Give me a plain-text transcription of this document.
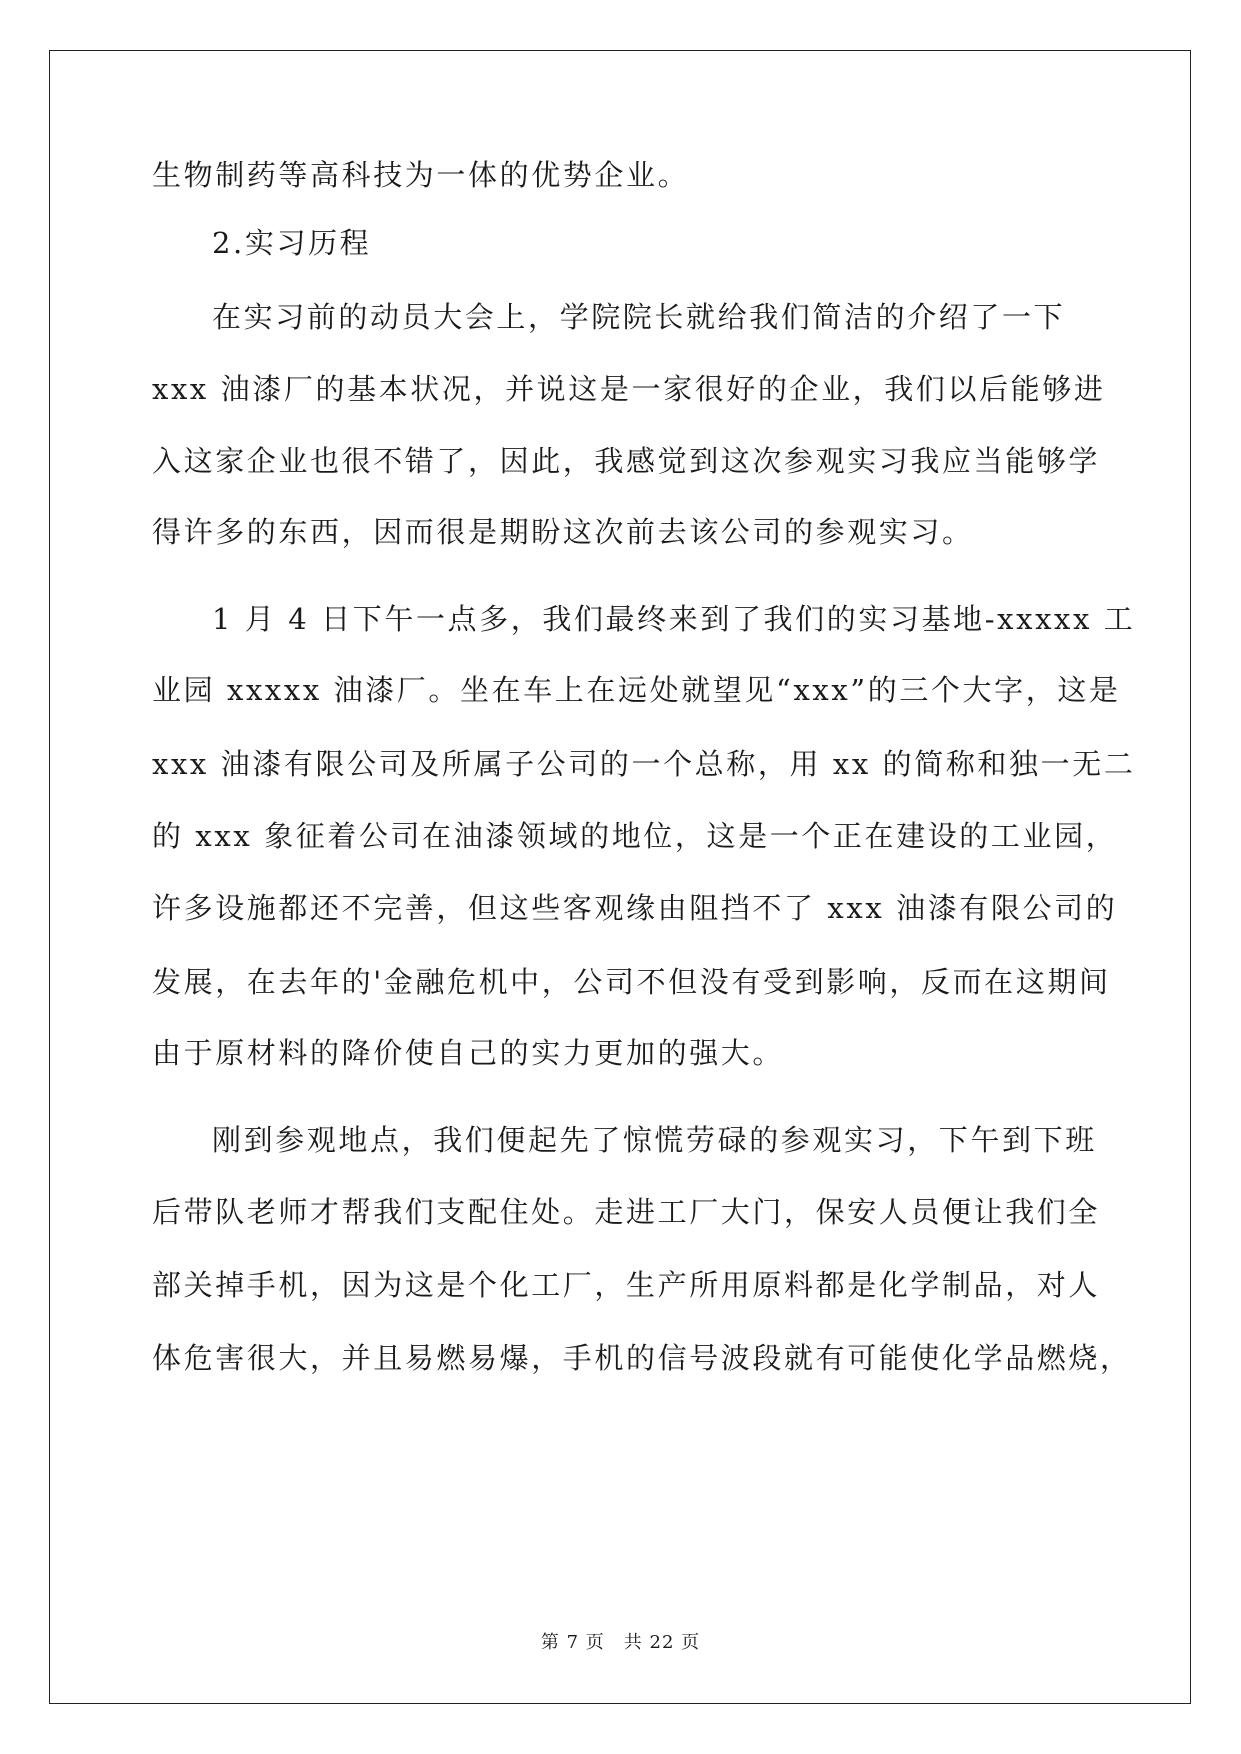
生物制药等高科技为一体的优势企业。
2.实习历程
在实习前的动员大会上，学院院长就给我们简洁的介绍了一下
xxx 油漆厂的基本状况，并说这是一家很好的企业，我们以后能够进
入这家企业也很不错了，因此，我感觉到这次参观实习我应当能够学
得许多的东西，因而很是期盼这次前去该公司的参观实习。
1 月 4 日下午一点多，我们最终来到了我们的实习基地-xxxxx 工
业园 xxxxx 油漆厂。坐在车上在远处就望见“xxx”的三个大字，这是
xxx 油漆有限公司及所属子公司的一个总称，用 xx 的简称和独一无二
的 xxx 象征着公司在油漆领域的地位，这是一个正在建设的工业园，
许多设施都还不完善，但这些客观缘由阻挡不了 xxx 油漆有限公司的
发展，在去年的'金融危机中，公司不但没有受到影响，反而在这期间
由于原材料的降价使自己的实力更加的强大。
刚到参观地点，我们便起先了惊慌劳碌的参观实习，下午到下班
后带队老师才帮我们支配住处。走进工厂大门，保安人员便让我们全
部关掉手机，因为这是个化工厂，生产所用原料都是化学制品，对人
体危害很大，并且易燃易爆，手机的信号波段就有可能使化学品燃烧，
第 7 页　共 22 页
